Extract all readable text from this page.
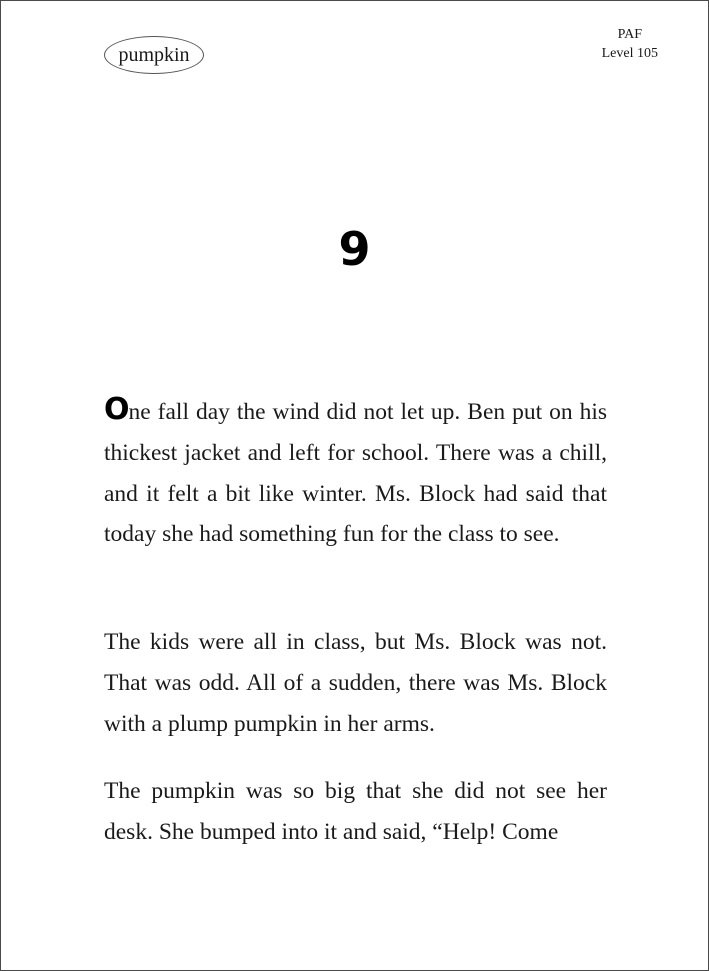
pumpkin
PAF
Level 105
9

One fall day the wind did not let up. Ben put on his thickest jacket and left for school. There was a chill, and it felt a bit like winter. Ms. Block had said that today she had something fun for the class to see.

The kids were all in class, but Ms. Block was not. That was odd. All of a sudden, there was Ms. Block with a plump pumpkin in her arms.

The pumpkin was so big that she did not see her desk. She bumped into it and said, “Help! Come
